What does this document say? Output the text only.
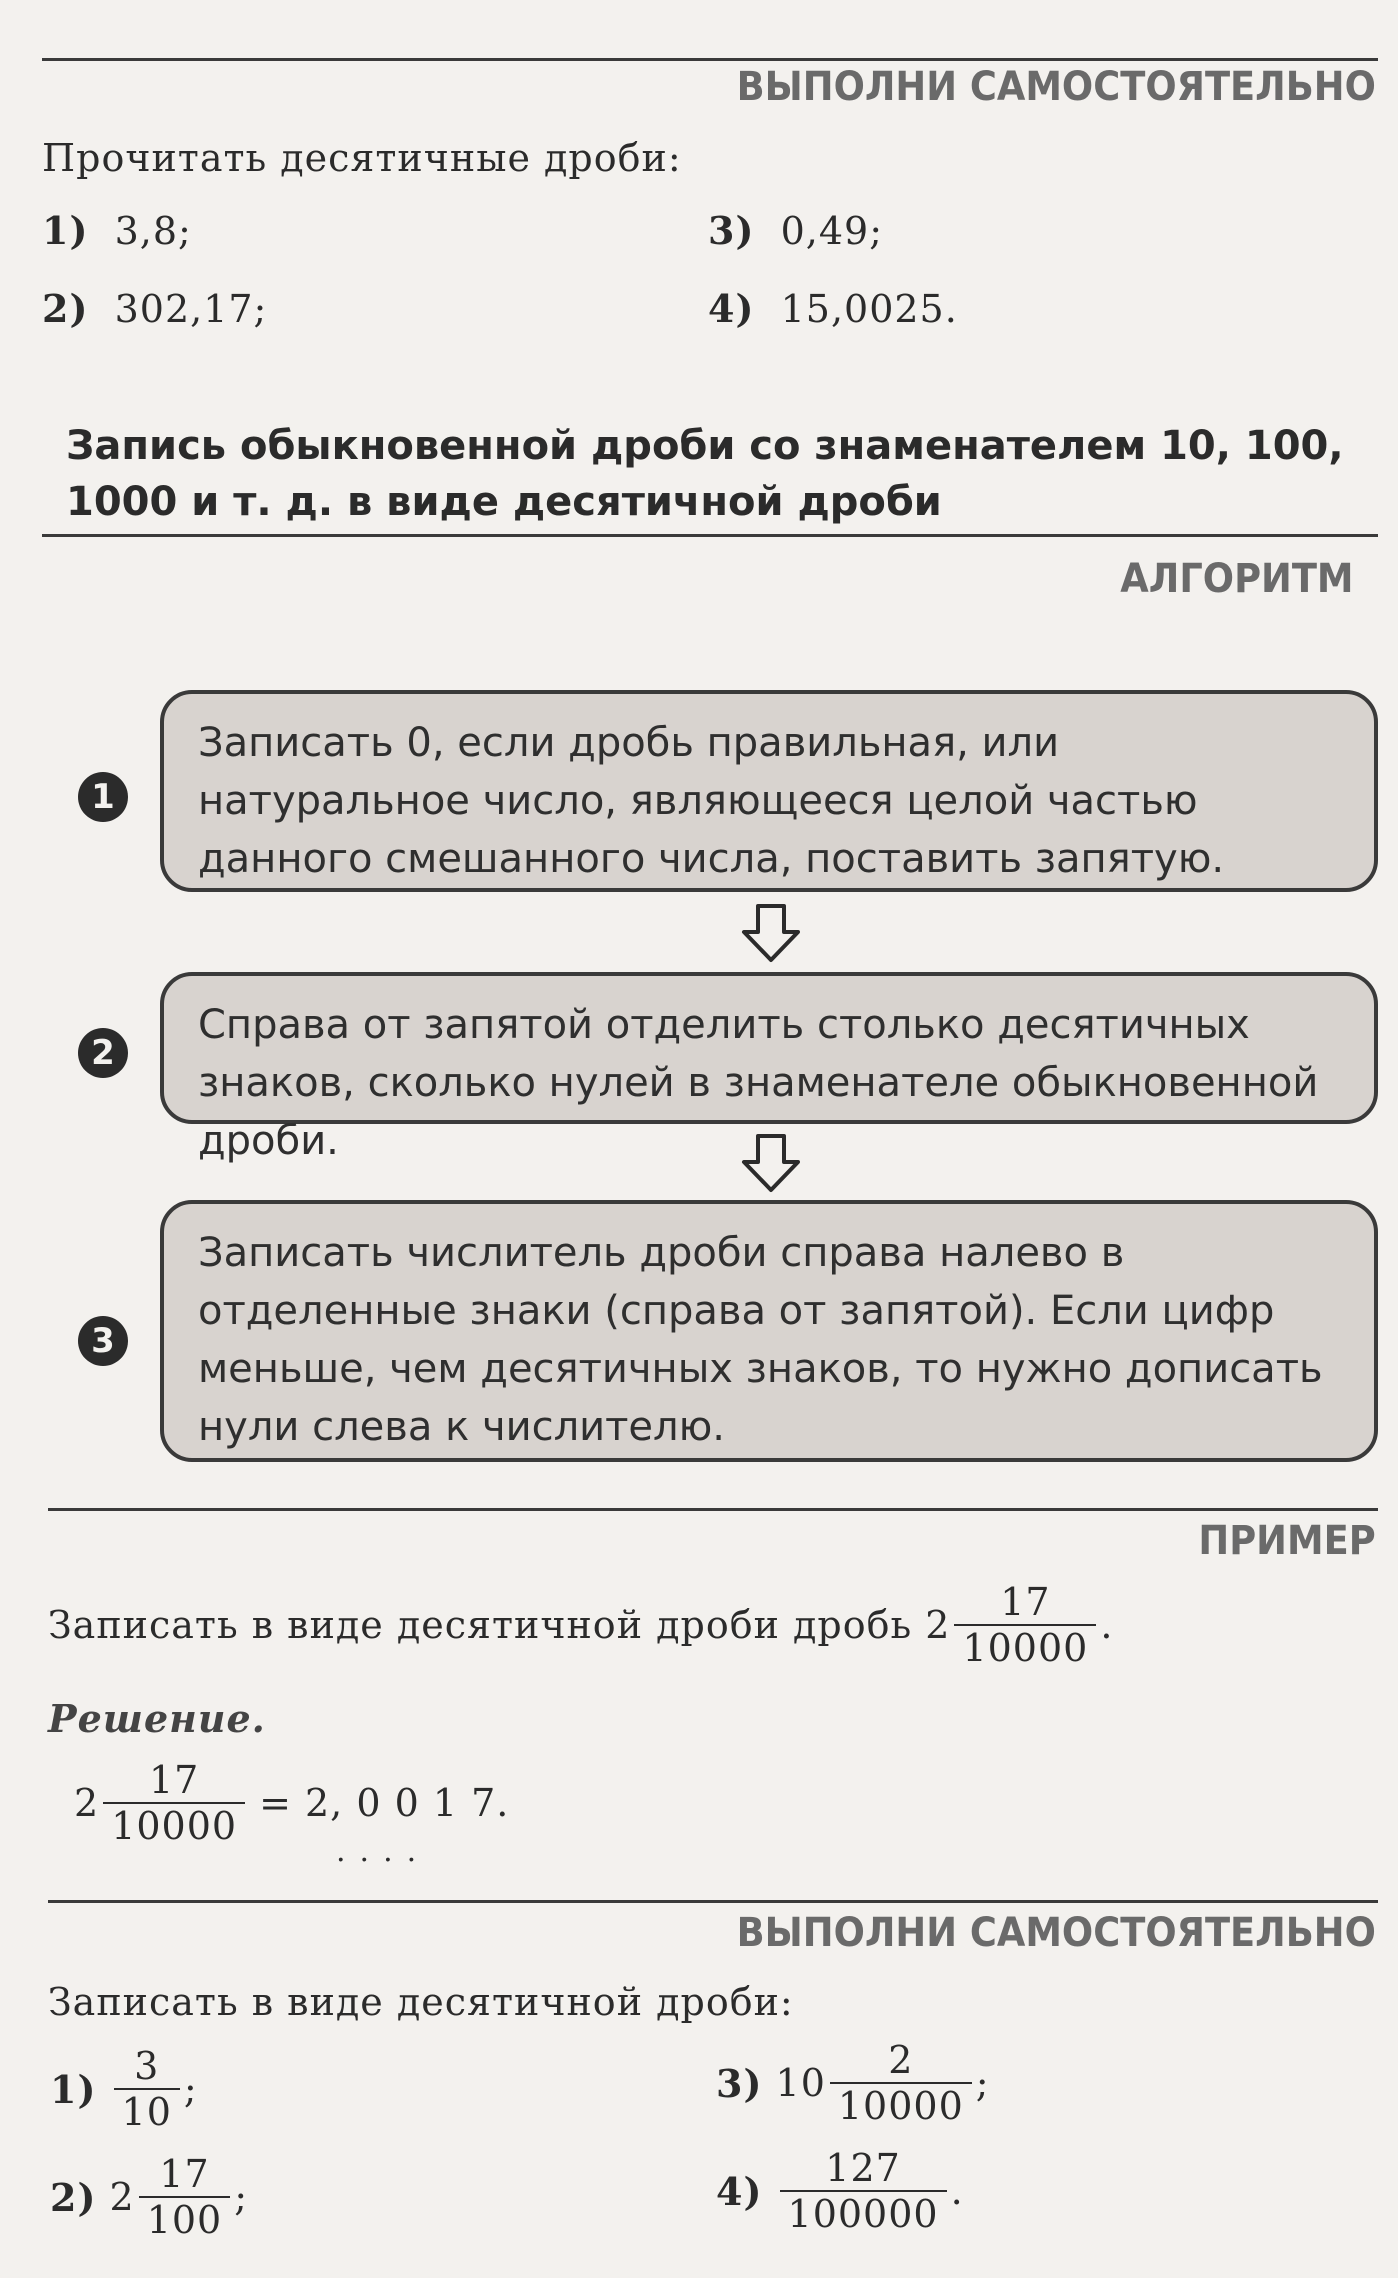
ВЫПОЛНИ САМОСТОЯТЕЛЬНО
Прочитать десятичные дроби:
1)
3,8;
2)
302,17;
3)
0,49;
4)
15,0025.
Запись обыкновенной дроби со знаменателем 10, 100,
1000 и т. д. в виде десятичной дроби
АЛГОРИТМ
1
Записать 0, если дробь правильная, или натуральное число, являющееся целой частью данного смешанного числа, поставить запятую.
2
Справа от запятой отделить столько десятичных знаков, сколько нулей в знаменателе обыкновенной дроби.
3
Записать числитель дроби справа налево в отделенные знаки (справа от запятой). Если цифр меньше, чем десятичных знаков, то нужно дописать нули слева к числителю.
ПРИМЕР
Записать в виде десятичной дроби дробь
$2 \frac{17}{10000}$ .
Решение.
$2 \frac{17}{10000} = 2$, 0 0 1 7.
....
ВЫПОЛНИ САМОСТОЯТЕЛЬНО
Записать в виде десятичной дроби:
1)
$\frac{3}{10}$ ;
2)
$2 \frac{17}{100}$ ;
3)
$10 \frac{2}{10000}$ ;
4)
$\frac{127}{100000}$ .
